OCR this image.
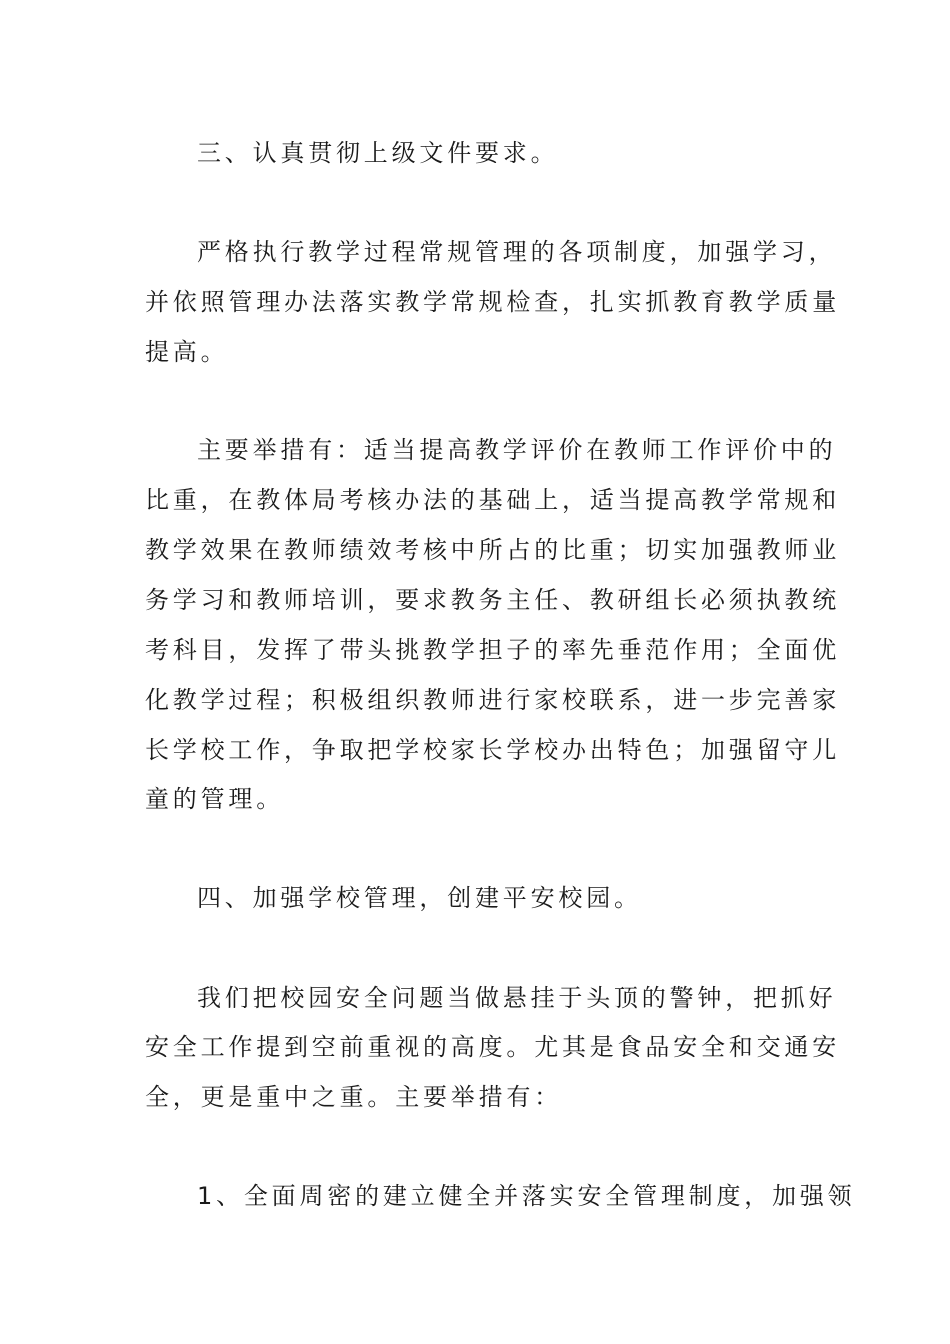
三、认真贯彻上级文件要求。
严格执行教学过程常规管理的各项制度，加强学习，
并依照管理办法落实教学常规检查，扎实抓教育教学质量
提高。
主要举措有：适当提高教学评价在教师工作评价中的
比重，在教体局考核办法的基础上，适当提高教学常规和
教学效果在教师绩效考核中所占的比重；切实加强教师业
务学习和教师培训，要求教务主任、教研组长必须执教统
考科目，发挥了带头挑教学担子的率先垂范作用；全面优
化教学过程；积极组织教师进行家校联系，进一步完善家
长学校工作，争取把学校家长学校办出特色；加强留守儿
童的管理。
四、加强学校管理，创建平安校园。
我们把校园安全问题当做悬挂于头顶的警钟，把抓好
安全工作提到空前重视的高度。尤其是食品安全和交通安
全，更是重中之重。主要举措有：
1、全面周密的建立健全并落实安全管理制度，加强领
